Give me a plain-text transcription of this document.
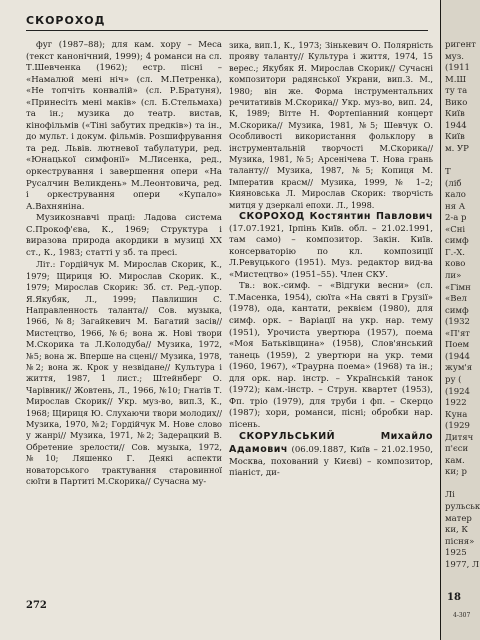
СКОРОХОД

фуг (1987–88); для кам. хору – Меса (текст канонічний, 1999); 4 романси на сл. Т.Шевченка (1962); естр. пісні – «Намалюй мені ніч» (сл. М.Петренка), «Не топчіть конвалій» (сл. Р.Братуня), «Принесіть мені маків» (сл. Б.Стельмаха) та ін.; музика до театр. вистав, кінофільмів («Тіні забутих предків») та ін., до мульт. і докум. фільмів. Розшифрування та ред. Львів. лютневої табулатури, ред. «Юнацької симфонії» М.Лисенка, ред., оркестрування і завершення опери «На Русалчин Великдень» М.Леонтовича, ред. і оркестрування опери «Купало» А.Вахняніна.

Музикознавчі праці: Ладова система С.Прокоф'єва, К., 1969; Структура і виразова природа акордики в музиці XX ст., К., 1983; статті у зб. та пресі.

Літ.: Гордійчук М. Мирослав Скорик, К., 1979; Щириця Ю. Мирослав Скорик. К., 1979; Мирослав Скорик: Зб. ст. Ред.-упор. Я.Якубяк, Л., 1999; Павлишин С. Направленность таланта// Сов. музыка, 1966, №8; Загайкевич М. Багатий засів// Мистецтво, 1966, №6; вона ж. Нові твори М.Скорика та Л.Колодуба// Музика, 1972, №5; вона ж. Вперше на сцені// Музика, 1978, №2; вона ж. Крок у незвідане// Культура і життя, 1987, 1 лист.; Штейнберг О. Чарівник// Жовтень, Л., 1966, №10; Гнатів Т. Мирослав Скорик// Укр. муз-во, вип.3, К., 1968; Щириця Ю. Слухаючи твори молодих// Музика, 1970, №2; Гордійчук М. Нове слово у жанрі// Музика, 1971, №2; Задерацкий В. Обретение зрелости// Сов. музыка, 1972, №10; Ляшенко Г. Деякі аспекти новаторського трактування старовинної сюїти в Партиті М.Скорика// Сучасна му-

зика, вип.1, К., 1973; Зінькевич О. Полярність прояву таланту// Культура і життя, 1974, 15 верес.; Якубяк Я. Мирослав Скорик// Сучасні композитори радянської Украни, вип.3. М., 1980; він же. Форма інструментальних речитативів М.Скорика// Укр. муз-во, вип. 24, К, 1989; Вітте Н. Фортепіанний концерт М.Скорика// Музика, 1981, №5; Шевчук О. Особливості використання фольклору в інструментальній творчості М.Скорика// Музика, 1981, №5; Арсенічева Т. Нова грань таланту// Музика, 1987, №5; Копиця М. Імператив красм// Музика, 1999, № 1–2; Кияновська Л. Мирослав Скорик: творчість митця у дзеркалі епохи. Л., 1998.

СКОРОХОД Костянтин Павлович (17.07.1921, Ірпінь Київ. обл. – 21.02.1991, там само) – композитор. Закін. Київ. консерваторію по кл. композиції Л.Ревуцького (1951). Муз. редактор вид-ва «Мистецтво» (1951–55). Член СКУ.

Тв.: вок.-симф. – «Відгуки весни» (сл. Т.Масенка, 1954), сюїта «На святі в Грузії» (1978), ода, кантати, реквієм (1980), для симф. орк. – Варіації на укр. нар. тему (1951), Урочиста увертюра (1957), поема «Моя Батьківщина» (1958), Слов'янський танець (1959), 2 увертюри на укр. теми (1960, 1967), «Траурна поема» (1968) та ін.; для орк. нар. інстр. – Українській танок (1972); кам.-інстр. – Струн. квартет (1953), Фп. тріо (1979), для труби і фп. – Скерцо (1987); хори, романси, пісні; обробки нар. пісень.

СКОРУЛЬСЬКИЙ Михайло Адамович (06.09.1887, Київ – 21.02.1950, Москва, похований у Києві) – композитор, піаніст, ди-

272
18
4-307
ригент
муз.
(1911
М.Ш
ту та
Вико
Київ
1944
Київ
м. УР
Т
(ліб
кало
ня А
2-а р
«Сні
симф
Г.-Х.
ково
ли»
«Гімн
«Вел
симф
(1932
«П'ят
Поем
(1944
жум'я
ру (
(1924
1922
Куна
(1929
Дитяч
п'єси
кам.
ки; р
Лі
рульськ
матер
ки, К
пісня»
1925
1977, Л
